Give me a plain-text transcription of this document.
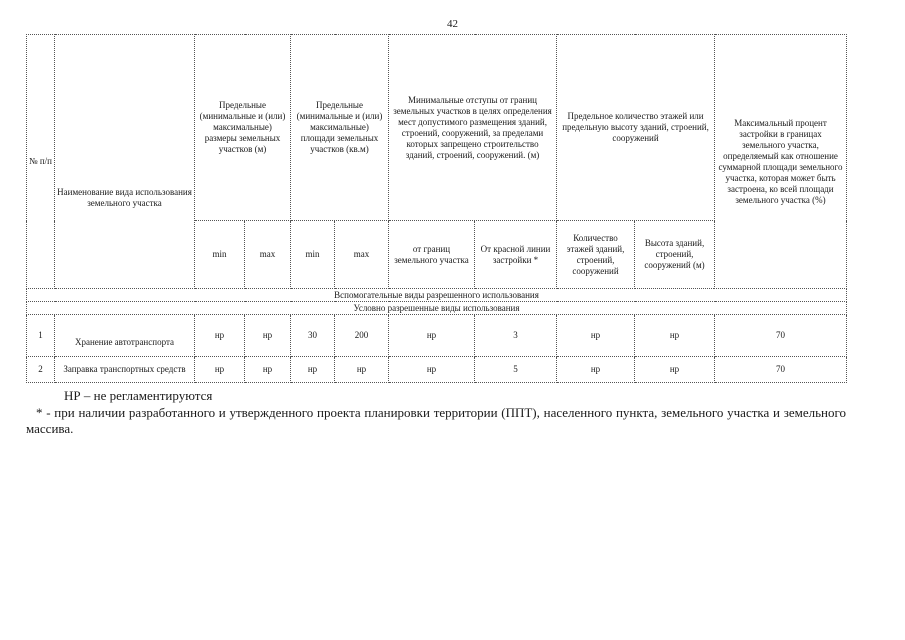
42
№ п/п	Наименование вида использования земельного участка	Предельные (минимальные и (или) максимальные) размеры земельных участков (м)		Предельные (минимальные и (или) максимальные) площади земельных участков (кв.м)		Минимальные отступы от границ земельных участков в целях определения мест допустимого размещения зданий, строений, сооружений, за пределами которых запрещено строительство зданий, строений, сооружений. (м)		Предельное количество этажей или предельную высоту зданий, строений, сооружений		Максимальный процент застройки в границах земельного участка, определяемый как отношение суммарной площади земельного участка, которая может быть застроена, ко всей площади земельного участка (%)
		min	max	min	max	от границ земельного участка	От красной линии застройки *	Количество этажей зданий, строений, сооружений	Высота зданий, строений, сооружений (м)	
Вспомогательные виды разрешенного использования										
Условно разрешенные виды использования										
1	Хранение автотранспорта	нр	нр	30	200	нр	3	нр	нр	70
2	Заправка транспортных средств	нр	нр	нр	нр	нр	5	нр	нр	70
НР – не регламентируются
* - при наличии разработанного и утвержденного проекта планировки территории (ППТ), населенного пункта, земельного участка и земельного массива.
